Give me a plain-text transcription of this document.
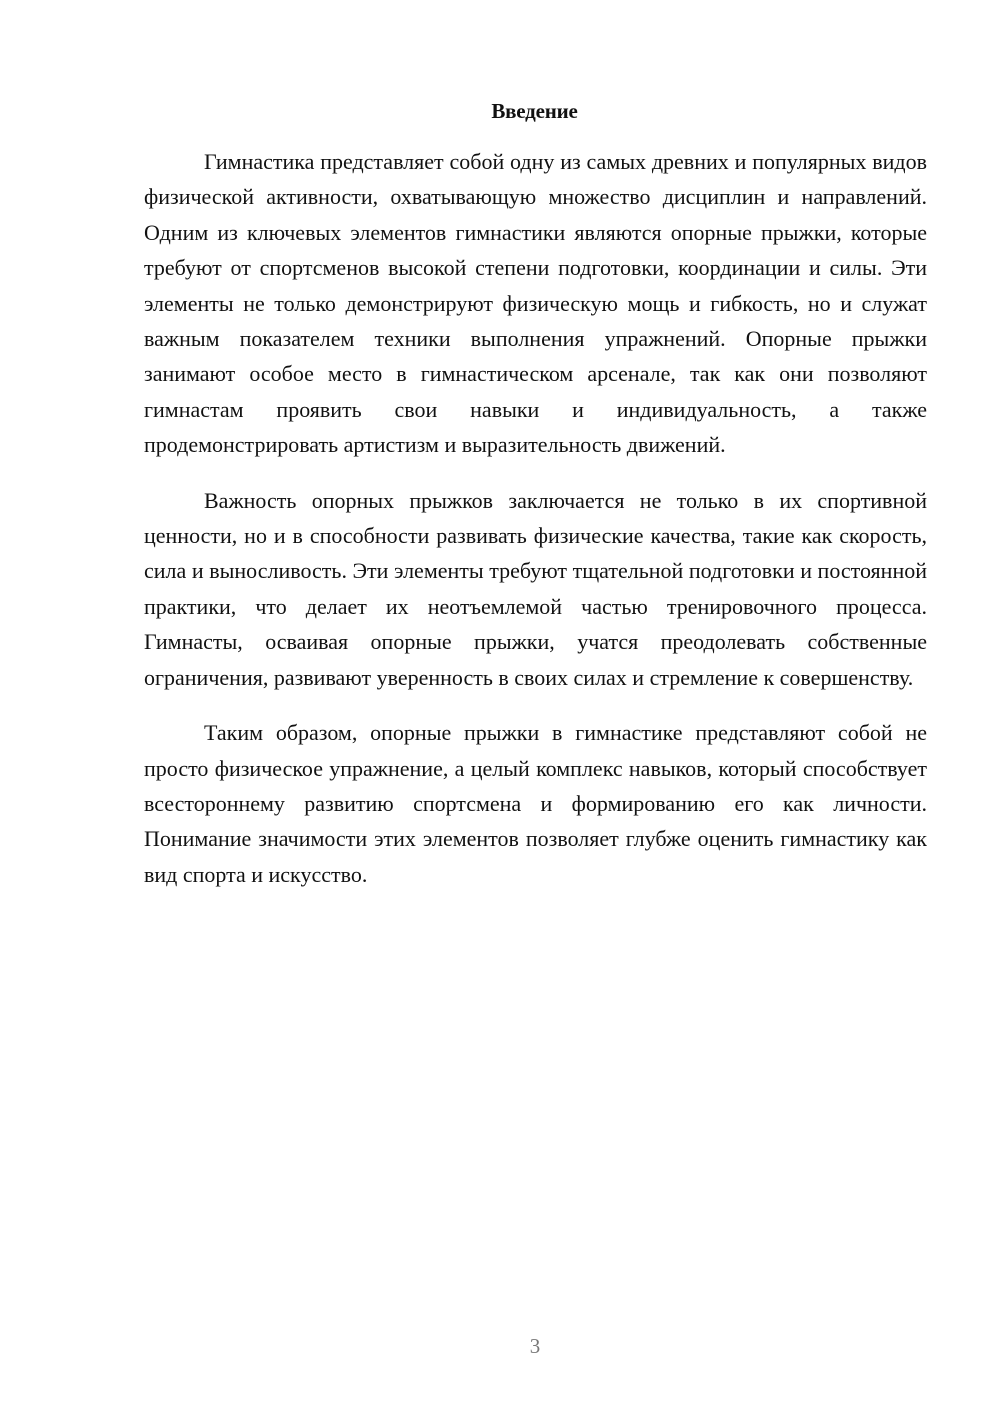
Введение

Гимнастика представляет собой одну из самых древних и популярных видов физической активности, охватывающую множество дисциплин и направлений. Одним из ключевых элементов гимнастики являются опорные прыжки, которые требуют от спортсменов высокой степени подготовки, координации и силы. Эти элементы не только демонстрируют физическую мощь и гибкость, но и служат важным показателем техники выполнения упражнений. Опорные прыжки занимают особое место в гимнастическом арсенале, так как они позволяют гимнастам проявить свои навыки и индивидуальность, а также продемонстрировать артистизм и выразительность движений.

Важность опорных прыжков заключается не только в их спортивной ценности, но и в способности развивать физические качества, такие как скорость, сила и выносливость. Эти элементы требуют тщательной подготовки и постоянной практики, что делает их неотъемлемой частью тренировочного процесса. Гимнасты, осваивая опорные прыжки, учатся преодолевать собственные ограничения, развивают уверенность в своих силах и стремление к совершенству.

Таким образом, опорные прыжки в гимнастике представляют собой не просто физическое упражнение, а целый комплекс навыков, который способствует всестороннему развитию спортсмена и формированию его как личности. Понимание значимости этих элементов позволяет глубже оценить гимнастику как вид спорта и искусство.

3
